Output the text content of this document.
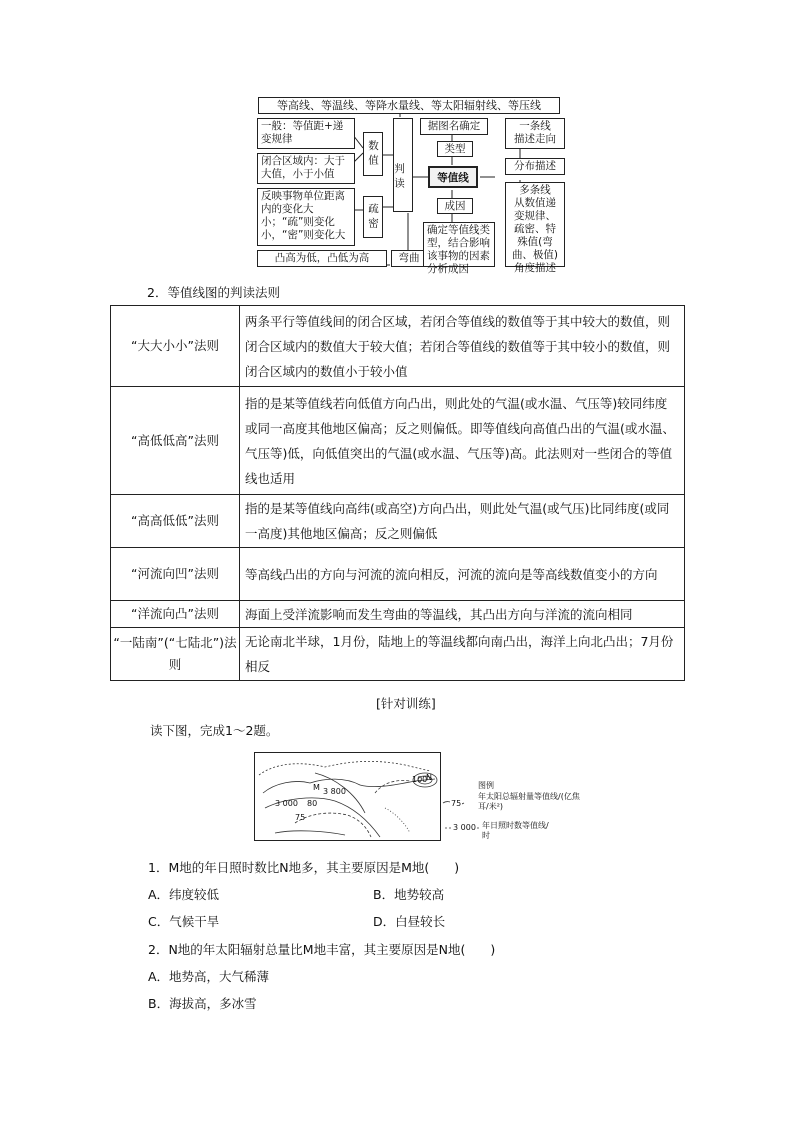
等高线、等温线、等降水量线、等太阳辐射线、等压线
一般：等值距+递变规律
闭合区域内：大于大值，小于小值
反映事物单位距离内的变化大小；“疏”则变化小，“密”则变化大
凸高为低，凸低为高
数值
疏密
弯曲
判读
据图名确定
类型
等值线
成因
确定等值线类型，结合影响该事物的因素分析成因
一条线
描述走向
分布描述
多条线
从数值递变规律、疏密、特殊值(弯曲、极值)角度描述
2．等值线图的判读法则
“大大小小”法则	两条平行等值线间的闭合区域，若闭合等值线的数值等于其中较大的数值，则闭合区域内的数值大于较大值；若闭合等值线的数值等于其中较小的数值，则闭合区域内的数值小于较小值
“高低低高”法则	指的是某等值线若向低值方向凸出，则此处的气温(或水温、气压等)较同纬度或同一高度其他地区偏高；反之则偏低。即等值线向高值凸出的气温(或水温、气压等)低，向低值突出的气温(或水温、气压等)高。此法则对一些闭合的等值线也适用
“高高低低”法则	指的是某等值线向高纬(或高空)方向凸出，则此处气温(或气压)比同纬度(或同一高度)其他地区偏高；反之则偏低
“河流向凹”法则	等高线凸出的方向与河流的流向相反，河流的流向是等高线数值变小的方向
“洋流向凸”法则	海面上受洋流影响而发生弯曲的等温线，其凸出方向与洋流的流向相同
“一陆南”(“七陆北”)法则	无论南北半球，1月份，陆地上的等温线都向南凸出，海洋上向北凸出；7月份相反
[针对训练]
读下图，完成1～2题。
M
N
3 800
3 000 80
75
100
图例
年太阳总辐射量等值线/(亿焦耳/米²)
75
年日照时数等值线/时
3 000
1．M地的年日照时数比N地多，其主要原因是M地(　　)
A．纬度较低	B．地势较高
C．气候干旱	D．白昼较长
2．N地的年太阳辐射总量比M地丰富，其主要原因是N地(　　)
A．地势高，大气稀薄
B．海拔高，多冰雪
